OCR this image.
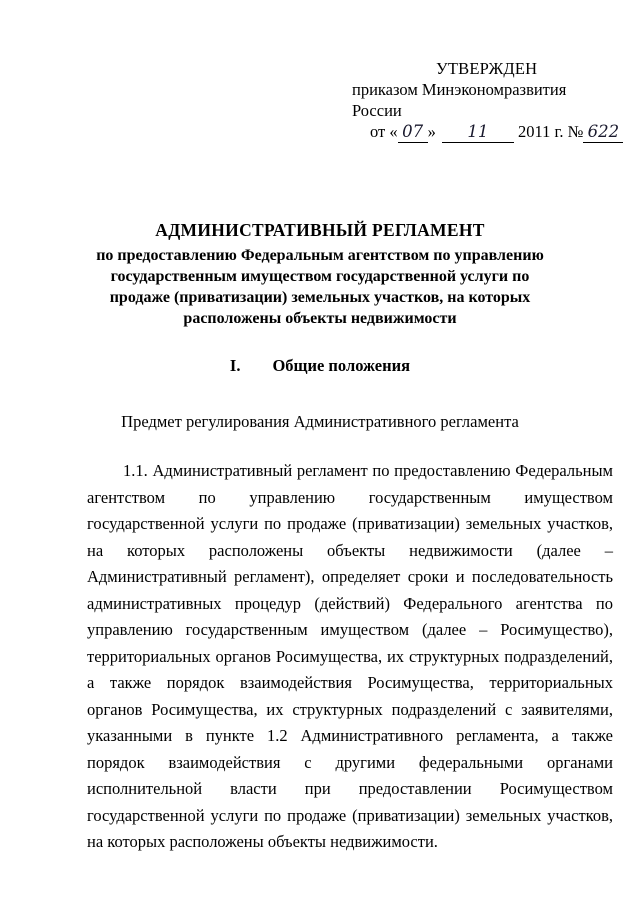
УТВЕРЖДЕН
приказом Минэкономразвития России
от « 07 » 11 2011 г. № 622
АДМИНИСТРАТИВНЫЙ РЕГЛАМЕНТ
по предоставлению Федеральным агентством по управлению государственным имуществом государственной услуги по продаже (приватизации) земельных участков, на которых расположены объекты недвижимости
I. Общие положения
Предмет регулирования Административного регламента

1.1. Административный регламент по предоставлению Федеральным агентством по управлению государственным имуществом государственной услуги по продаже (приватизации) земельных участков, на которых расположены объекты недвижимости (далее – Административный регламент), определяет сроки и последовательность административных процедур (действий) Федерального агентства по управлению государственным имуществом (далее – Росимущество), территориальных органов Росимущества, их структурных подразделений, а также порядок взаимодействия Росимущества, территориальных органов Росимущества, их структурных подразделений с заявителями, указанными в пункте 1.2 Административного регламента, а также порядок взаимодействия с другими федеральными органами исполнительной власти при предоставлении Росимуществом государственной услуги по продаже (приватизации) земельных участков, на которых расположены объекты недвижимости.
